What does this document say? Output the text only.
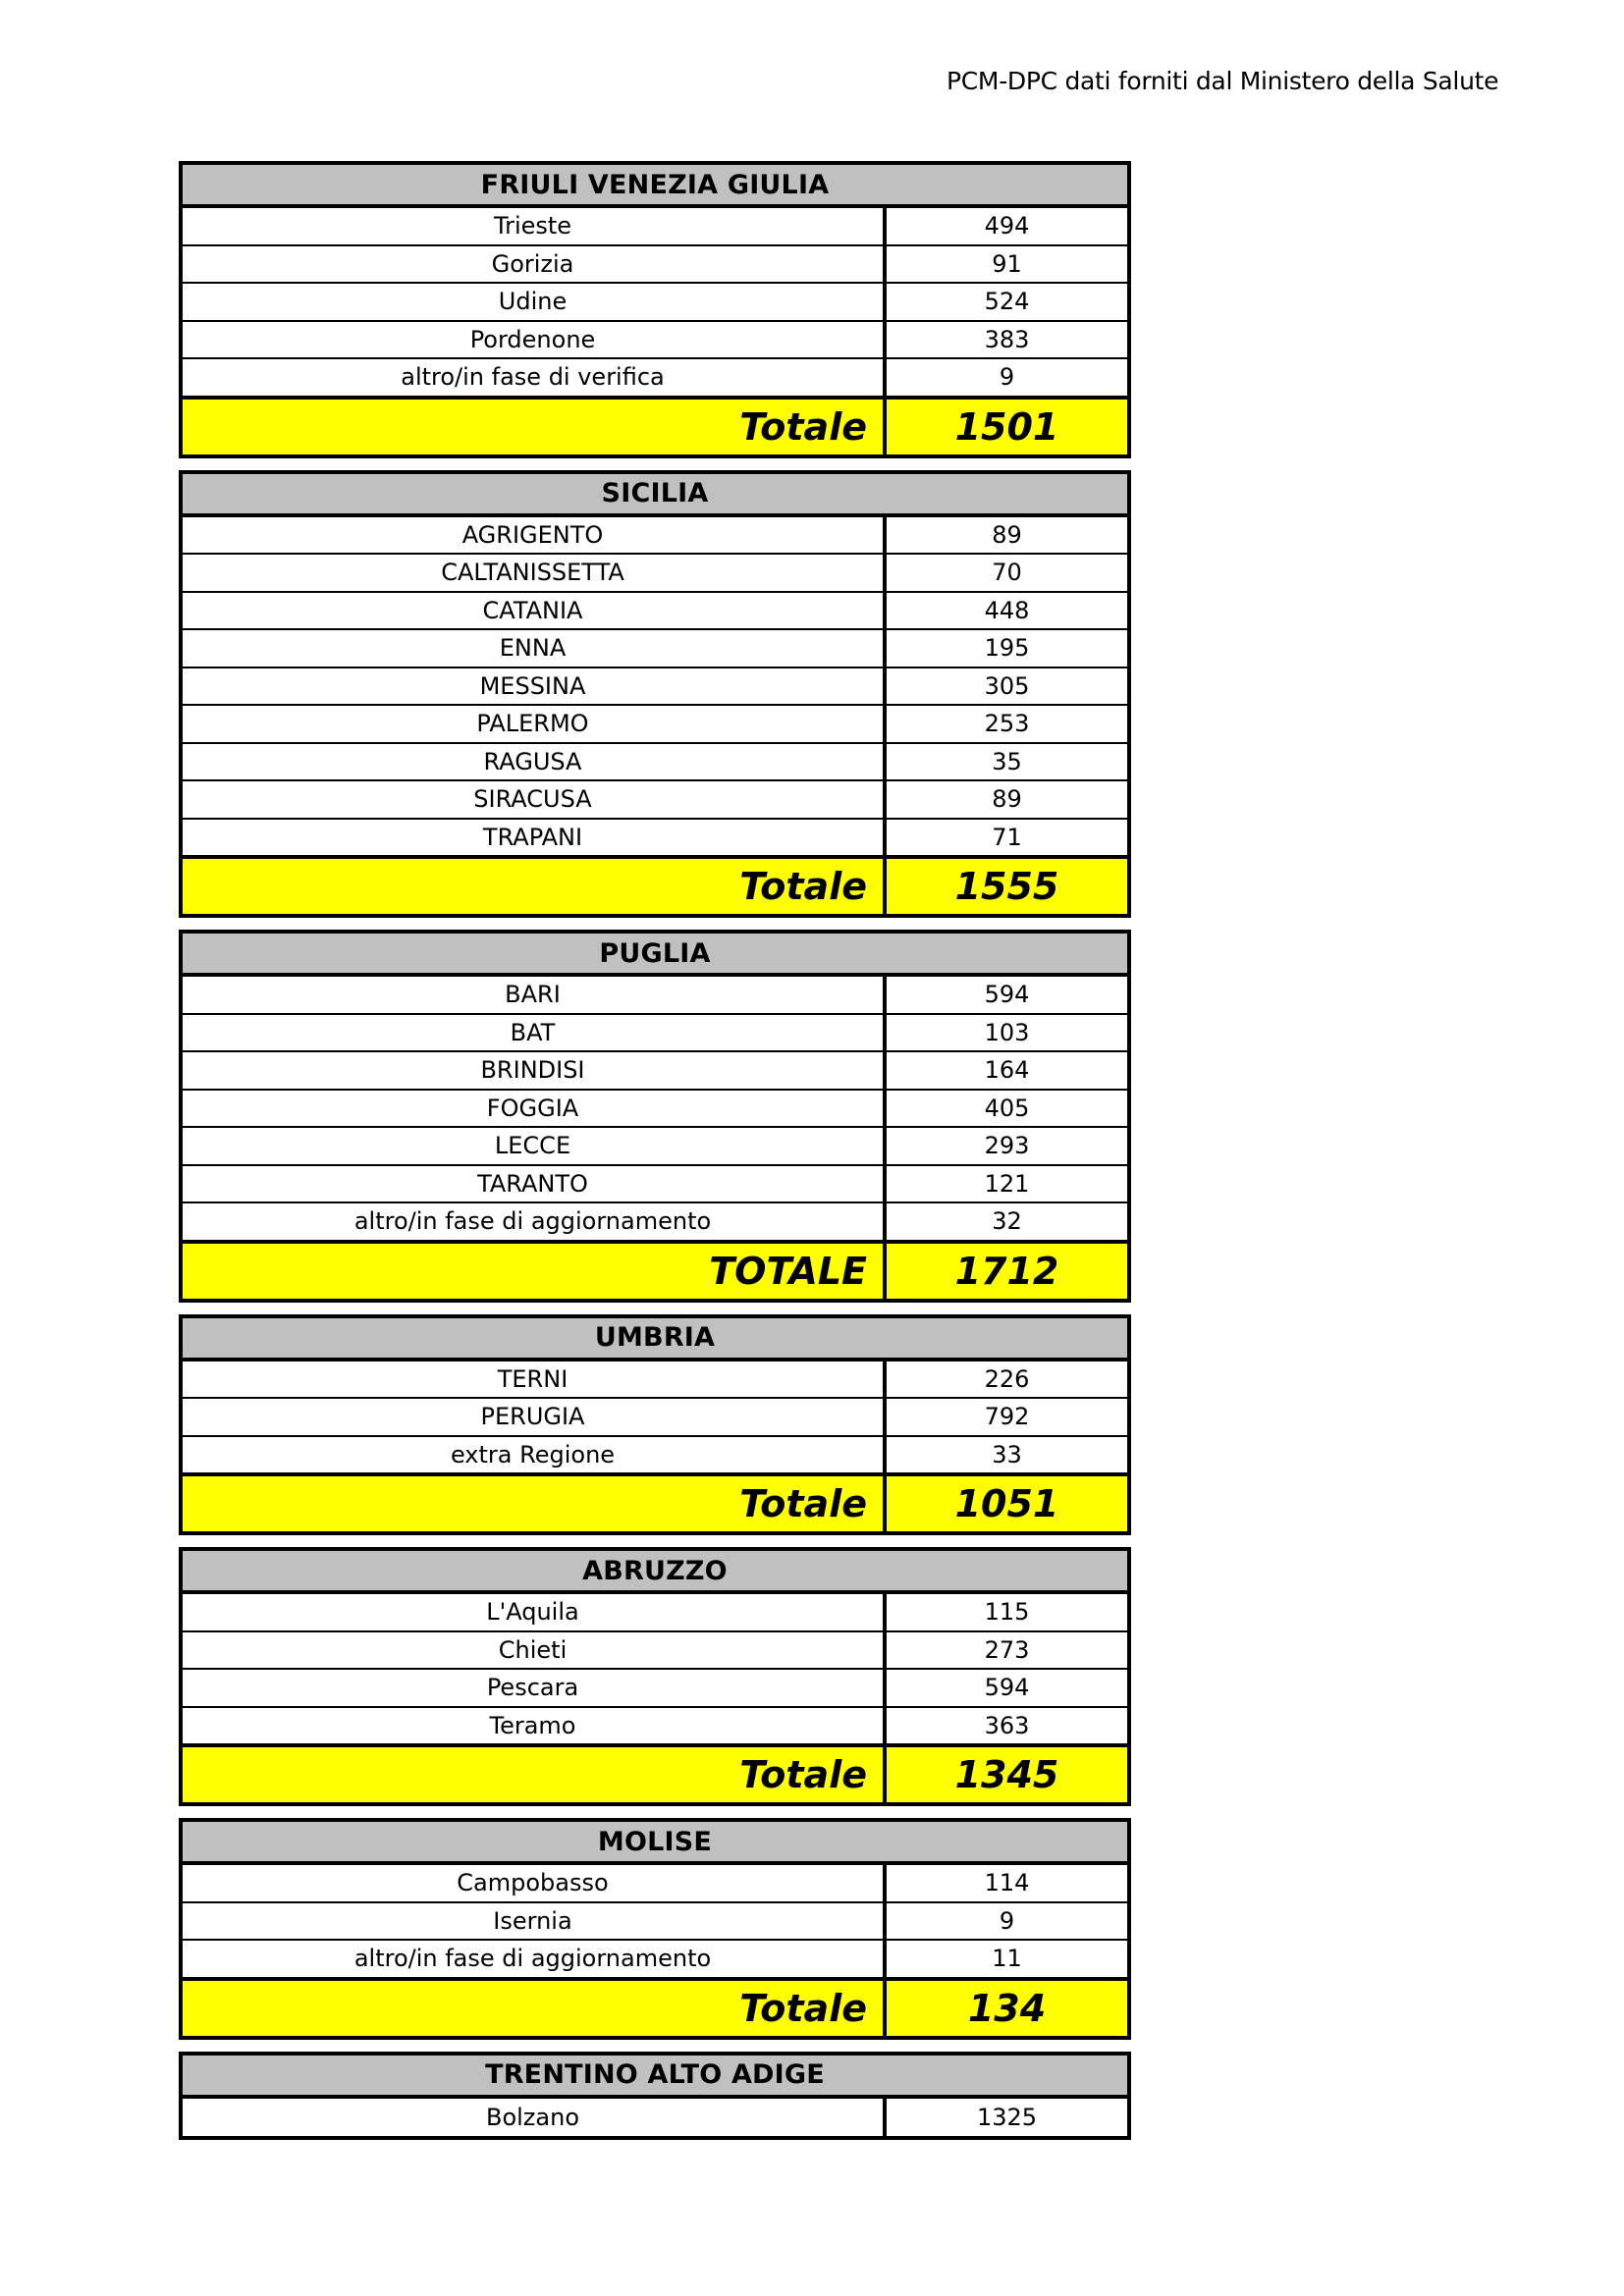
PCM-DPC dati forniti dal Ministero della Salute
FRIULI VENEZIA GIULIA
Trieste	494
Gorizia	91
Udine	524
Pordenone	383
altro/in fase di verifica	9
Totale	1501
SICILIA
AGRIGENTO	89
CALTANISSETTA	70
CATANIA	448
ENNA	195
MESSINA	305
PALERMO	253
RAGUSA	35
SIRACUSA	89
TRAPANI	71
Totale	1555
PUGLIA
BARI	594
BAT	103
BRINDISI	164
FOGGIA	405
LECCE	293
TARANTO	121
altro/in fase di aggiornamento	32
TOTALE	1712
UMBRIA
TERNI	226
PERUGIA	792
extra Regione	33
Totale	1051
ABRUZZO
L'Aquila	115
Chieti	273
Pescara	594
Teramo	363
Totale	1345
MOLISE
Campobasso	114
Isernia	9
altro/in fase di aggiornamento	11
Totale	134
TRENTINO ALTO ADIGE
Bolzano	1325
